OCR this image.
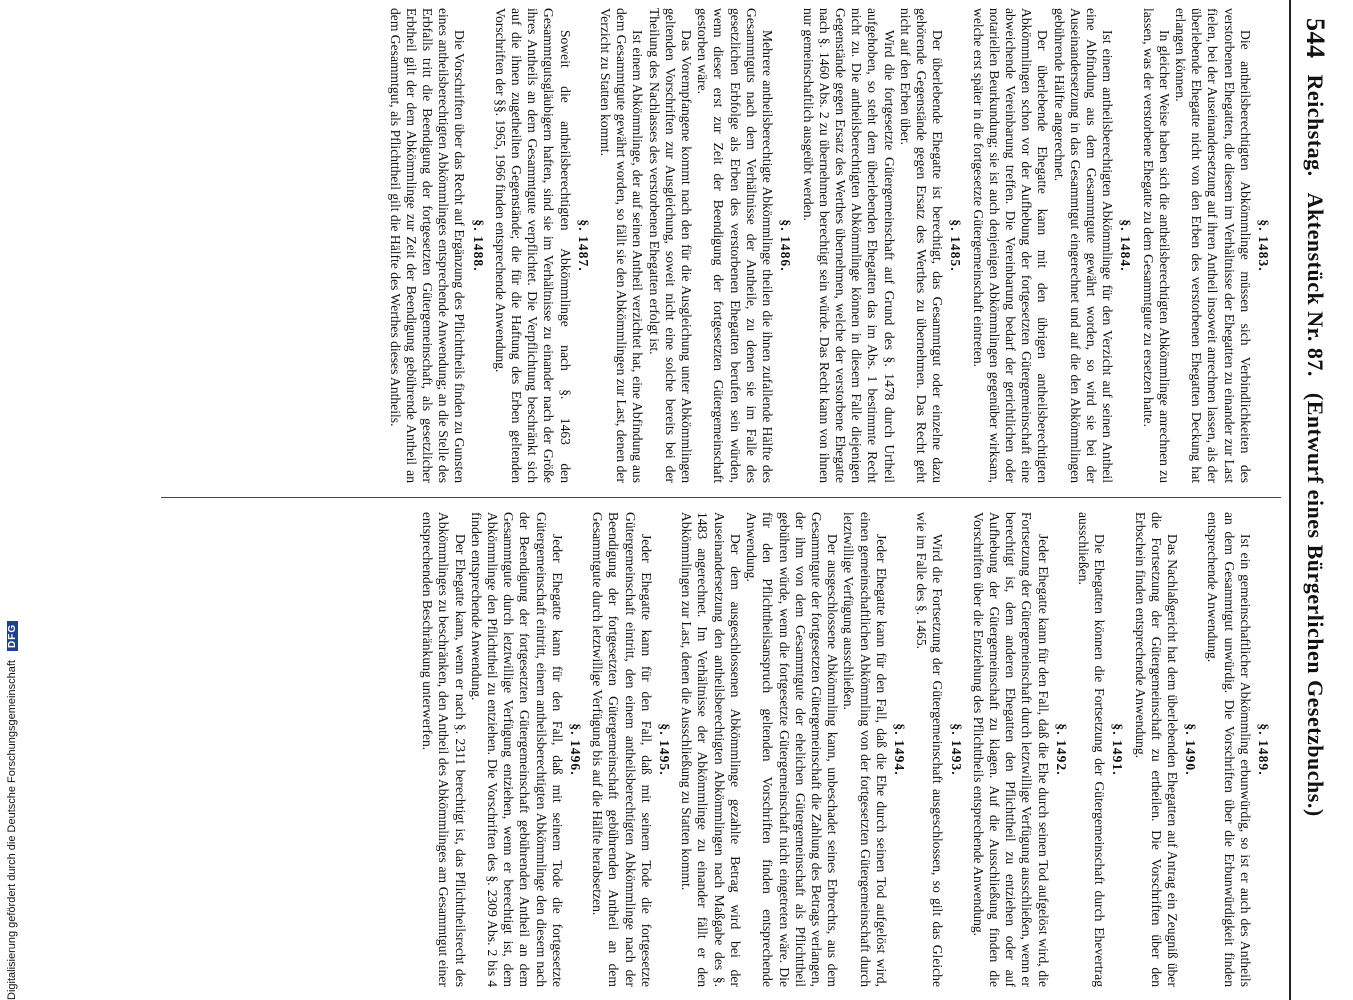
Digitalisierung gefördert durch die Deutsche Forschungsgemeinschaft DFG
544
Reichstag.
Aktenstück Nr. 87.
(Entwurf eines Bürgerlichen Gesetzbuchs.)
§. 1483.

Die antheilsberechtigten Abkömmlinge müssen sich Verbindlichkeiten des verstorbenen Ehegatten, die diesem im Verhältnisse der Ehegatten zu einander zur Last fielen, bei der Auseinandersetzung auf ihren Antheil insoweit anrechnen lassen, als der überlebende Ehegatte nicht von den Erben des verstorbenen Ehegatten Deckung hat erlangen können.

In gleicher Weise haben sich die antheilsberechtigten Abkömmlinge anrechnen zu lassen, was der verstorbene Ehegatte zu dem Gesammtgute zu ersetzen hatte.

§. 1484.

Ist einem antheilsberechtigten Abkömmlinge für den Verzicht auf seinen Antheil eine Abfindung aus dem Gesammtgute gewährt worden, so wird sie bei der Auseinandersetzung in das Gesammtgut eingerechnet und auf die den Abkömmlingen gebührende Hälfte angerechnet.

Der überlebende Ehegatte kann mit den übrigen antheilsberechtigten Abkömmlingen schon vor der Aufhebung der fortgesetzten Gütergemeinschaft eine abweichende Vereinbarung treffen. Die Vereinbarung bedarf der gerichtlichen oder notariellen Beurkundung; sie ist auch denjenigen Abkömmlingen gegenüber wirksam, welche erst später in die fortgesetzte Gütergemeinschaft eintreten.

§. 1485.

Der überlebende Ehegatte ist berechtigt, das Gesammtgut oder einzelne dazu gehörende Gegenstände gegen Ersatz des Werthes zu übernehmen. Das Recht geht nicht auf den Erben über.

Wird die fortgesetzte Gütergemeinschaft auf Grund des §. 1478 durch Urtheil aufgehoben, so steht dem überlebenden Ehegatten das im Abs. 1 bestimmte Recht nicht zu. Die antheilsberechtigten Abkömmlinge können in diesem Falle diejenigen Gegenstände gegen Ersatz des Werthes übernehmen, welche der verstorbene Ehegatte nach §. 1460 Abs. 2 zu übernehmen berechtigt sein würde. Das Recht kann von ihnen nur gemeinschaftlich ausgeübt werden.

§. 1486.

Mehrere antheilsberechtigte Abkömmlinge theilen die ihnen zufallende Hälfte des Gesammtguts nach dem Verhältnisse der Antheile, zu denen sie im Falle des gesetzlichen Erbfolge als Erben des verstorbenen Ehegatten berufen sein würden, wenn dieser erst zur Zeit der Beendigung der fortgesetzten Gütergemeinschaft gestorben wäre.

Das Vorempfangene kommt nach den für die Ausgleichung unter Abkömmlingen geltenden Vorschriften zur Ausgleichung, soweit nicht eine solche bereits bei der Theilung des Nachlasses des verstorbenen Ehegatten erfolgt ist.

Ist einem Abkömmlinge, der auf seinen Antheil verzichtet hat, eine Abfindung aus dem Gesammtgute gewährt worden, so fällt sie den Abkömmlingen zur Last, denen der Verzicht zu Statten kommt.

§. 1487.

Soweit die antheilsberechtigten Abkömmlinge nach §. 1463 den Gesammtgutsgläubigern haften, sind sie im Verhältnisse zu einander nach der Größe ihres Antheils an dem Gesammtgute verpflichtet. Die Verpflichtung beschränkt sich auf die ihnen zugetheilten Gegenstände; die für die Haftung des Erben geltenden Vorschriften der §§. 1965, 1966 finden entsprechende Anwendung.

§. 1488.

Die Vorschriften über das Recht auf Ergänzung des Pflichttheils finden zu Gunsten eines antheilsberechtigten Abkömmlinges entsprechende Anwendung; an die Stelle des Erbfalls tritt die Beendigung der fortgesetzten Gütergemeinschaft, als gesetzlicher Erbtheil gilt der dem Abkömmlinge zur Zeit der Beendigung gebührende Antheil an dem Gesammtgut, als Pflichttheil gilt die Hälfte des Werthes dieses Antheils.

§. 1489.

Ist ein gemeinschaftlicher Abkömmling erbunwürdig, so ist er auch des Antheils an dem Gesammtgut unwürdig. Die Vorschriften über die Erbunwürdigkeit finden entsprechende Anwendung.

§. 1490.

Das Nachlaßgericht hat dem überlebenden Ehegatten auf Antrag ein Zeugniß über die Fortsetzung der Gütergemeinschaft zu ertheilen. Die Vorschriften über den Erbschein finden entsprechende Anwendung.

§. 1491.

Die Ehegatten können die Fortsetzung der Gütergemeinschaft durch Ehevertrag ausschließen.

§. 1492.

Jeder Ehegatte kann für den Fall, daß die Ehe durch seinen Tod aufgelöst wird, die Fortsetzung der Gütergemeinschaft durch letztwillige Verfügung ausschließen, wenn er berechtigt ist, dem anderen Ehegatten den Pflichttheil zu entziehen oder auf Aufhebung der Gütergemeinschaft zu klagen. Auf die Ausschließung finden die Vorschriften über die Entziehung des Pflichttheils entsprechende Anwendung.

§. 1493.

Wird die Fortsetzung der Gütergemeinschaft ausgeschlossen, so gilt das Gleiche wie im Falle des §. 1465.

§. 1494.

Jeder Ehegatte kann für den Fall, daß die Ehe durch seinen Tod aufgelöst wird, einen gemeinschaftlichen Abkömmling von der fortgesetzten Gütergemeinschaft durch letztwillige Verfügung ausschließen.

Der ausgeschlossene Abkömmling kann, unbeschadet seines Erbrechts, aus dem Gesammtgute der fortgesetzten Gütergemeinschaft die Zahlung des Betrags verlangen, der ihm von dem Gesammtgute der ehelichen Gütergemeinschaft als Pflichttheil gebühren würde, wenn die fortgesetzte Gütergemeinschaft nicht eingetreten wäre. Die für den Pflichttheilsanspruch geltenden Vorschriften finden entsprechende Anwendung.

Der dem ausgeschlossenen Abkömmlinge gezahlte Betrag wird bei der Auseinandersetzung den antheilsberechtigten Abkömmlingen nach Maßgabe des §. 1483 angerechnet. Im Verhältnisse der Abkömmlinge zu einander fällt er den Abkömmlingen zur Last, denen die Ausschließung zu Statten kommt.

§. 1495.

Jeder Ehegatte kann für den Fall, daß mit seinem Tode die fortgesetzte Gütergemeinschaft eintritt, den einem antheilsberechtigten Abkömmlinge nach der Beendigung der fortgesetzten Gütergemeinschaft gebührenden Antheil an dem Gesammtgute durch letztwillige Verfügung bis auf die Hälfte herabsetzen.

§. 1496.

Jeder Ehegatte kann für den Fall, daß mit seinem Tode die fortgesetzte Gütergemeinschaft eintritt, einem antheilsberechtigten Abkömmlinge den diesem nach der Beendigung der fortgesetzten Gütergemeinschaft gebührenden Antheil an dem Gesammtgute durch letztwillige Verfügung entziehen, wenn er berechtigt ist, dem Abkömmlinge den Pflichttheil zu entziehen. Die Vorschriften des §. 2309 Abs. 2 bis 4 finden entsprechende Anwendung.

Der Ehegatte kann, wenn er nach §. 2311 berechtigt ist, das Pflichttheilsrecht des Abkömmlinges zu beschränken, den Antheil des Abkömmlinges am Gesammtgut einer entsprechenden Beschränkung unterwerfen.
